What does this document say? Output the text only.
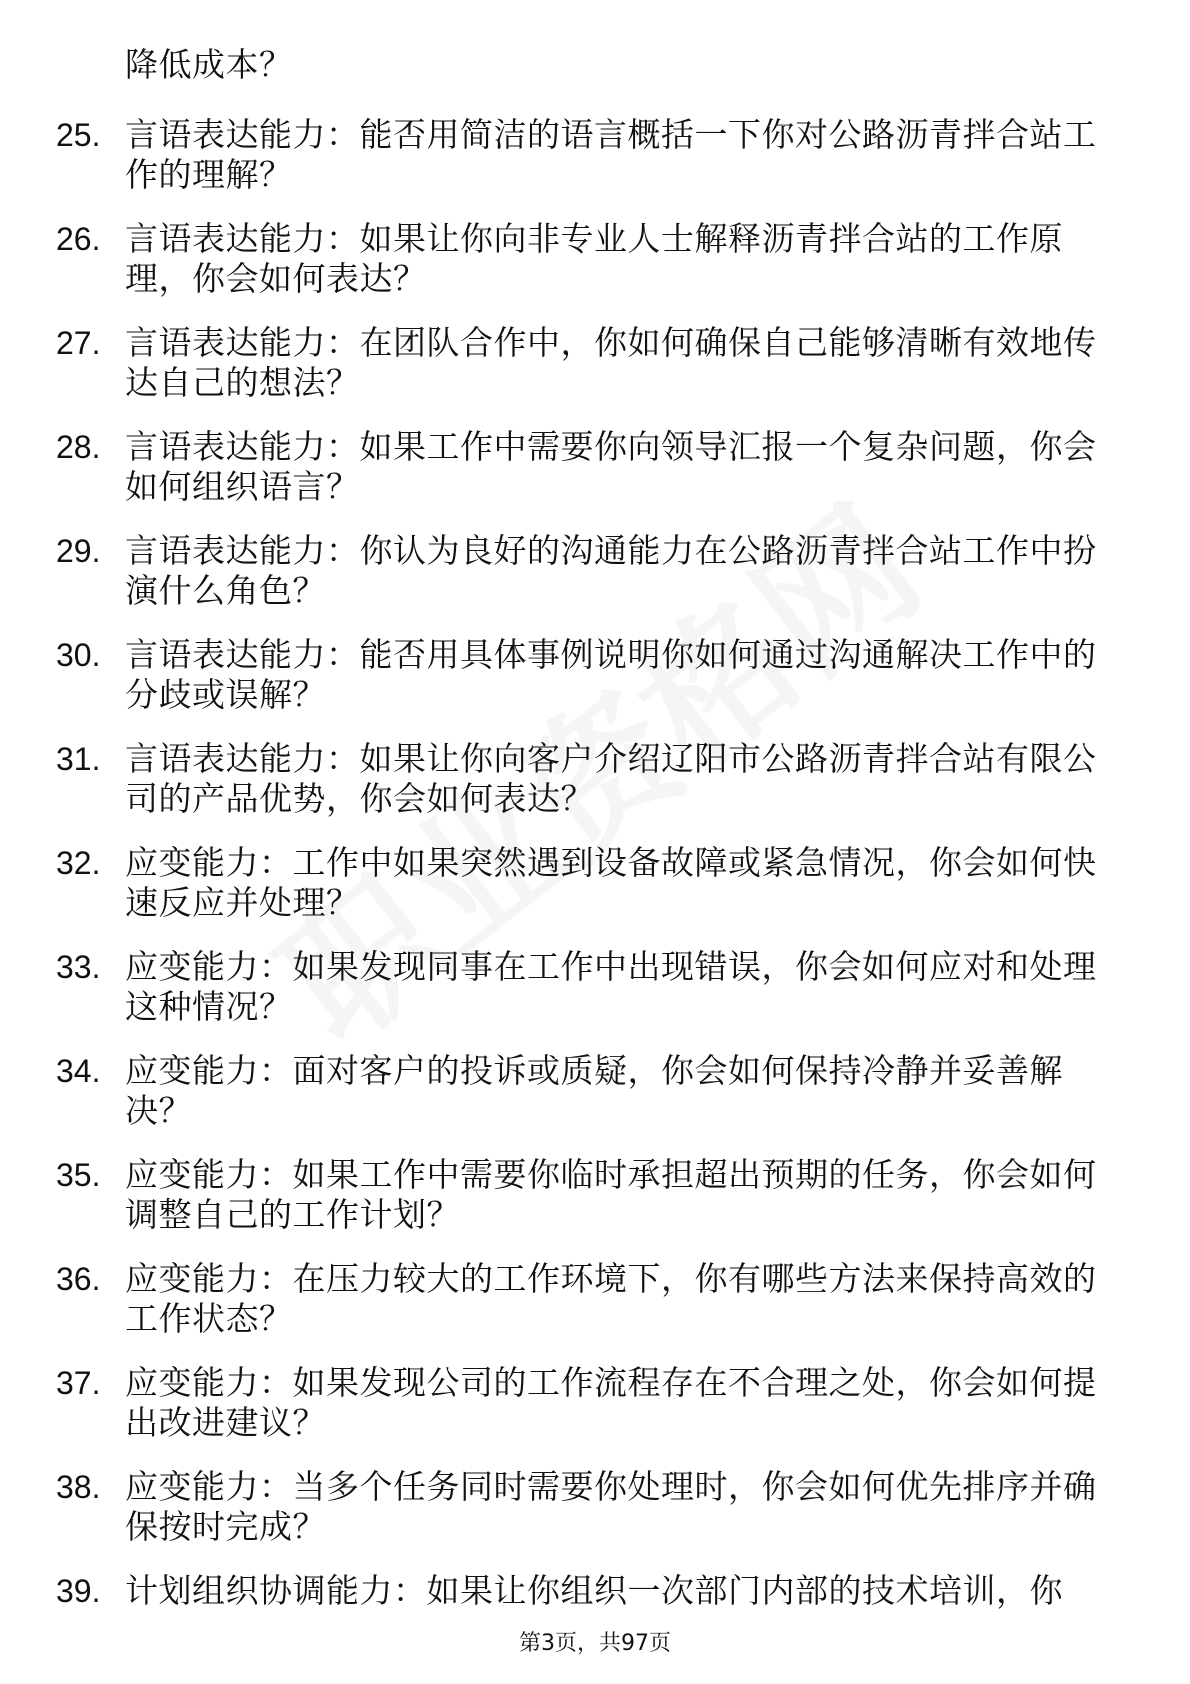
降低成本？
25. 言语表达能力：能否用简洁的语言概括一下你对公路沥青拌合站工作的理解？
26. 言语表达能力：如果让你向非专业人士解释沥青拌合站的工作原理，你会如何表达？
27. 言语表达能力：在团队合作中，你如何确保自己能够清晰有效地传达自己的想法？
28. 言语表达能力：如果工作中需要你向领导汇报一个复杂问题，你会如何组织语言？
29. 言语表达能力：你认为良好的沟通能力在公路沥青拌合站工作中扮演什么角色？
30. 言语表达能力：能否用具体事例说明你如何通过沟通解决工作中的分歧或误解？
31. 言语表达能力：如果让你向客户介绍辽阳市公路沥青拌合站有限公司的产品优势，你会如何表达？
32. 应变能力：工作中如果突然遇到设备故障或紧急情况，你会如何快速反应并处理？
33. 应变能力：如果发现同事在工作中出现错误，你会如何应对和处理这种情况？
34. 应变能力：面对客户的投诉或质疑，你会如何保持冷静并妥善解决？
35. 应变能力：如果工作中需要你临时承担超出预期的任务，你会如何调整自己的工作计划？
36. 应变能力：在压力较大的工作环境下，你有哪些方法来保持高效的工作状态？
37. 应变能力：如果发现公司的工作流程存在不合理之处，你会如何提出改进建议？
38. 应变能力：当多个任务同时需要你处理时，你会如何优先排序并确保按时完成？
39. 计划组织协调能力：如果让你组织一次部门内部的技术培训，你
第3页，共97页
